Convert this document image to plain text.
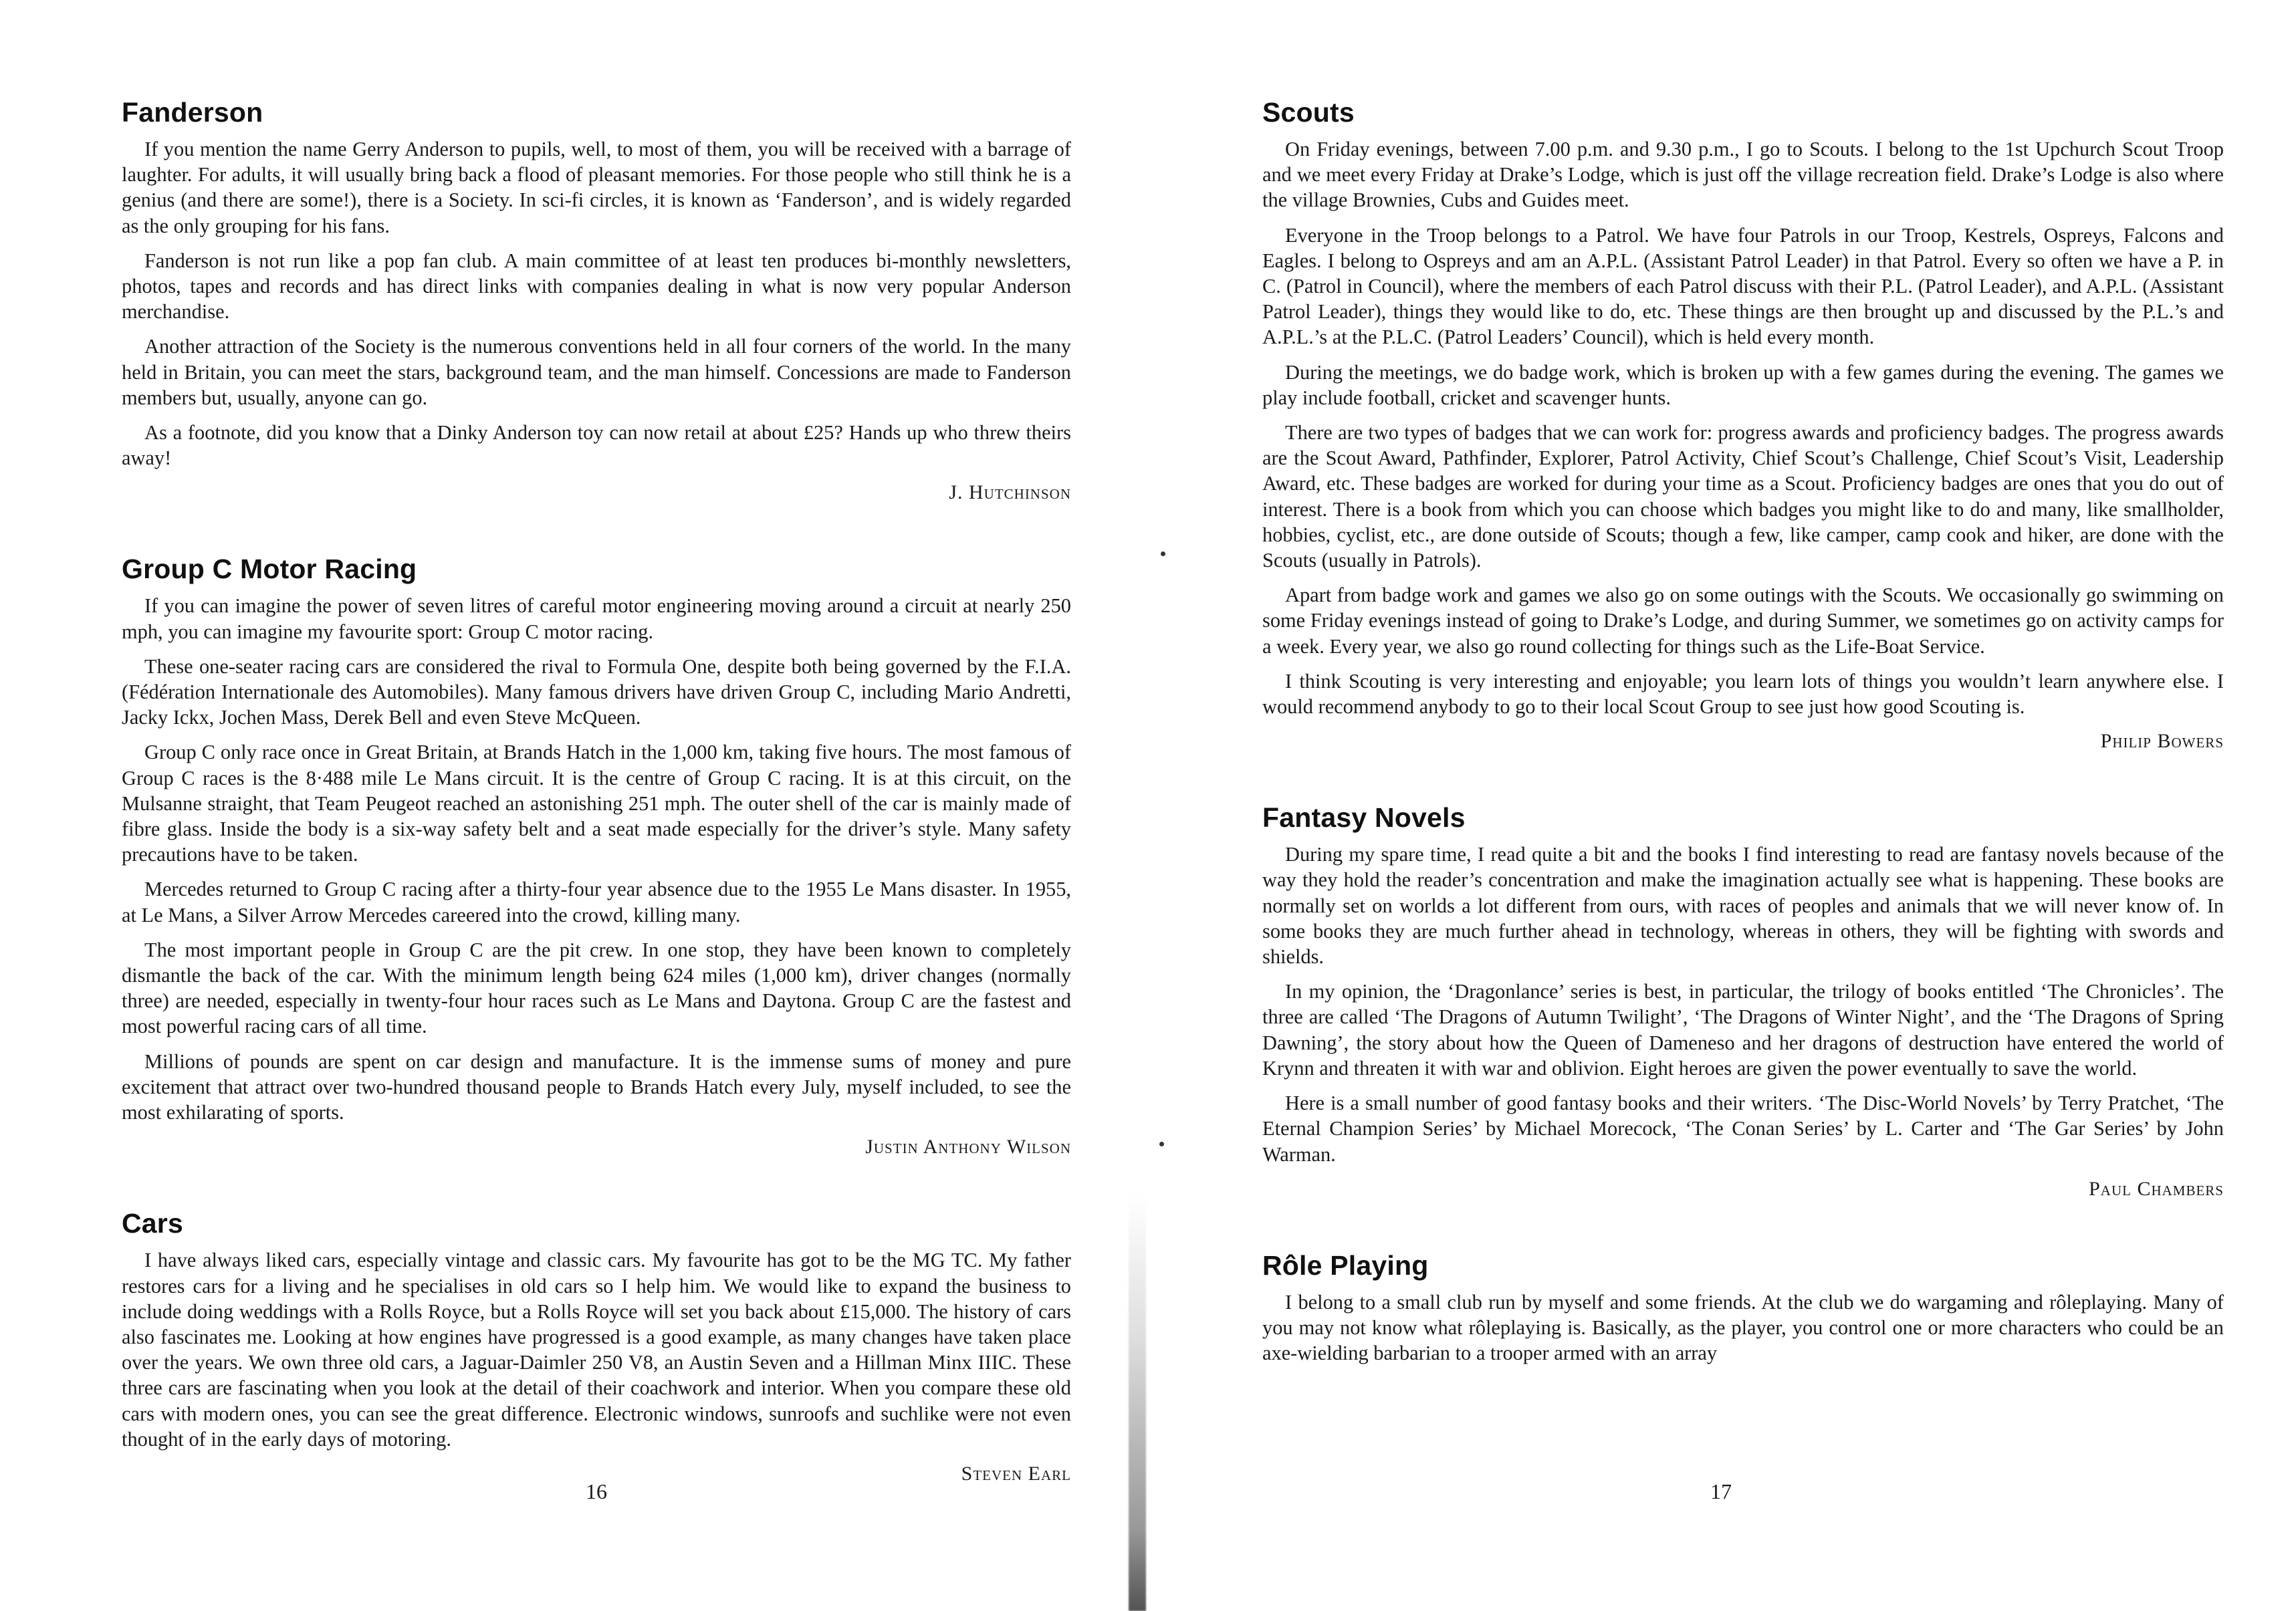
Fanderson

If you mention the name Gerry Anderson to pupils, well, to most of them, you will be received with a barrage of laughter. For adults, it will usually bring back a flood of pleasant memories. For those people who still think he is a genius (and there are some!), there is a Society. In sci-fi circles, it is known as ‘Fanderson’, and is widely regarded as the only grouping for his fans.

Fanderson is not run like a pop fan club. A main committee of at least ten produces bi-monthly newsletters, photos, tapes and records and has direct links with companies dealing in what is now very popular Anderson merchandise.

Another attraction of the Society is the numerous conventions held in all four corners of the world. In the many held in Britain, you can meet the stars, background team, and the man himself. Concessions are made to Fanderson members but, usually, anyone can go.

As a footnote, did you know that a Dinky Anderson toy can now retail at about £25? Hands up who threw theirs away!

J. Hutchinson
Group C Motor Racing

If you can imagine the power of seven litres of careful motor engineering moving around a circuit at nearly 250 mph, you can imagine my favourite sport: Group C motor racing.

These one-seater racing cars are considered the rival to Formula One, despite both being governed by the F.I.A. (Fédération Internationale des Automobiles). Many famous drivers have driven Group C, including Mario Andretti, Jacky Ickx, Jochen Mass, Derek Bell and even Steve McQueen.

Group C only race once in Great Britain, at Brands Hatch in the 1,000 km, taking five hours. The most famous of Group C races is the 8·488 mile Le Mans circuit. It is the centre of Group C racing. It is at this circuit, on the Mulsanne straight, that Team Peugeot reached an astonishing 251 mph. The outer shell of the car is mainly made of fibre glass. Inside the body is a six-way safety belt and a seat made especially for the driver’s style. Many safety precautions have to be taken.

Mercedes returned to Group C racing after a thirty-four year absence due to the 1955 Le Mans disaster. In 1955, at Le Mans, a Silver Arrow Mercedes careered into the crowd, killing many.

The most important people in Group C are the pit crew. In one stop, they have been known to completely dismantle the back of the car. With the minimum length being 624 miles (1,000 km), driver changes (normally three) are needed, especially in twenty-four hour races such as Le Mans and Daytona. Group C are the fastest and most powerful racing cars of all time.

Millions of pounds are spent on car design and manufacture. It is the immense sums of money and pure excitement that attract over two-hundred thousand people to Brands Hatch every July, myself included, to see the most exhilarating of sports.

Justin Anthony Wilson
Cars

I have always liked cars, especially vintage and classic cars. My favourite has got to be the MG TC. My father restores cars for a living and he specialises in old cars so I help him. We would like to expand the business to include doing weddings with a Rolls Royce, but a Rolls Royce will set you back about £15,000. The history of cars also fascinates me. Looking at how engines have progressed is a good example, as many changes have taken place over the years. We own three old cars, a Jaguar-Daimler 250 V8, an Austin Seven and a Hillman Minx IIIC. These three cars are fascinating when you look at the detail of their coachwork and interior. When you compare these old cars with modern ones, you can see the great difference. Electronic windows, sunroofs and suchlike were not even thought of in the early days of motoring.

Steven Earl
16
Scouts

On Friday evenings, between 7.00 p.m. and 9.30 p.m., I go to Scouts. I belong to the 1st Upchurch Scout Troop and we meet every Friday at Drake’s Lodge, which is just off the village recreation field. Drake’s Lodge is also where the village Brownies, Cubs and Guides meet.

Everyone in the Troop belongs to a Patrol. We have four Patrols in our Troop, Kestrels, Ospreys, Falcons and Eagles. I belong to Ospreys and am an A.P.L. (Assistant Patrol Leader) in that Patrol. Every so often we have a P. in C. (Patrol in Council), where the members of each Patrol discuss with their P.L. (Patrol Leader), and A.P.L. (Assistant Patrol Leader), things they would like to do, etc. These things are then brought up and discussed by the P.L.’s and A.P.L.’s at the P.L.C. (Patrol Leaders’ Council), which is held every month.

During the meetings, we do badge work, which is broken up with a few games during the evening. The games we play include football, cricket and scavenger hunts.

There are two types of badges that we can work for: progress awards and proficiency badges. The progress awards are the Scout Award, Pathfinder, Explorer, Patrol Activity, Chief Scout’s Challenge, Chief Scout’s Visit, Leadership Award, etc. These badges are worked for during your time as a Scout. Proficiency badges are ones that you do out of interest. There is a book from which you can choose which badges you might like to do and many, like smallholder, hobbies, cyclist, etc., are done outside of Scouts; though a few, like camper, camp cook and hiker, are done with the Scouts (usually in Patrols).

Apart from badge work and games we also go on some outings with the Scouts. We occasionally go swimming on some Friday evenings instead of going to Drake’s Lodge, and during Summer, we sometimes go on activity camps for a week. Every year, we also go round collecting for things such as the Life-Boat Service.

I think Scouting is very interesting and enjoyable; you learn lots of things you wouldn’t learn anywhere else. I would recommend anybody to go to their local Scout Group to see just how good Scouting is.

Philip Bowers
Fantasy Novels

During my spare time, I read quite a bit and the books I find interesting to read are fantasy novels because of the way they hold the reader’s concentration and make the imagination actually see what is happening. These books are normally set on worlds a lot different from ours, with races of peoples and animals that we will never know of. In some books they are much further ahead in technology, whereas in others, they will be fighting with swords and shields.

In my opinion, the ‘Dragonlance’ series is best, in particular, the trilogy of books entitled ‘The Chronicles’. The three are called ‘The Dragons of Autumn Twilight’, ‘The Dragons of Winter Night’, and the ‘The Dragons of Spring Dawning’, the story about how the Queen of Dameneso and her dragons of destruction have entered the world of Krynn and threaten it with war and oblivion. Eight heroes are given the power eventually to save the world.

Here is a small number of good fantasy books and their writers. ‘The Disc-World Novels’ by Terry Pratchet, ‘The Eternal Champion Series’ by Michael Morecock, ‘The Conan Series’ by L. Carter and ‘The Gar Series’ by John Warman.

Paul Chambers
Rôle Playing

I belong to a small club run by myself and some friends. At the club we do wargaming and rôleplaying. Many of you may not know what rôleplaying is. Basically, as the player, you control one or more characters who could be an axe-wielding barbarian to a trooper armed with an array

17
